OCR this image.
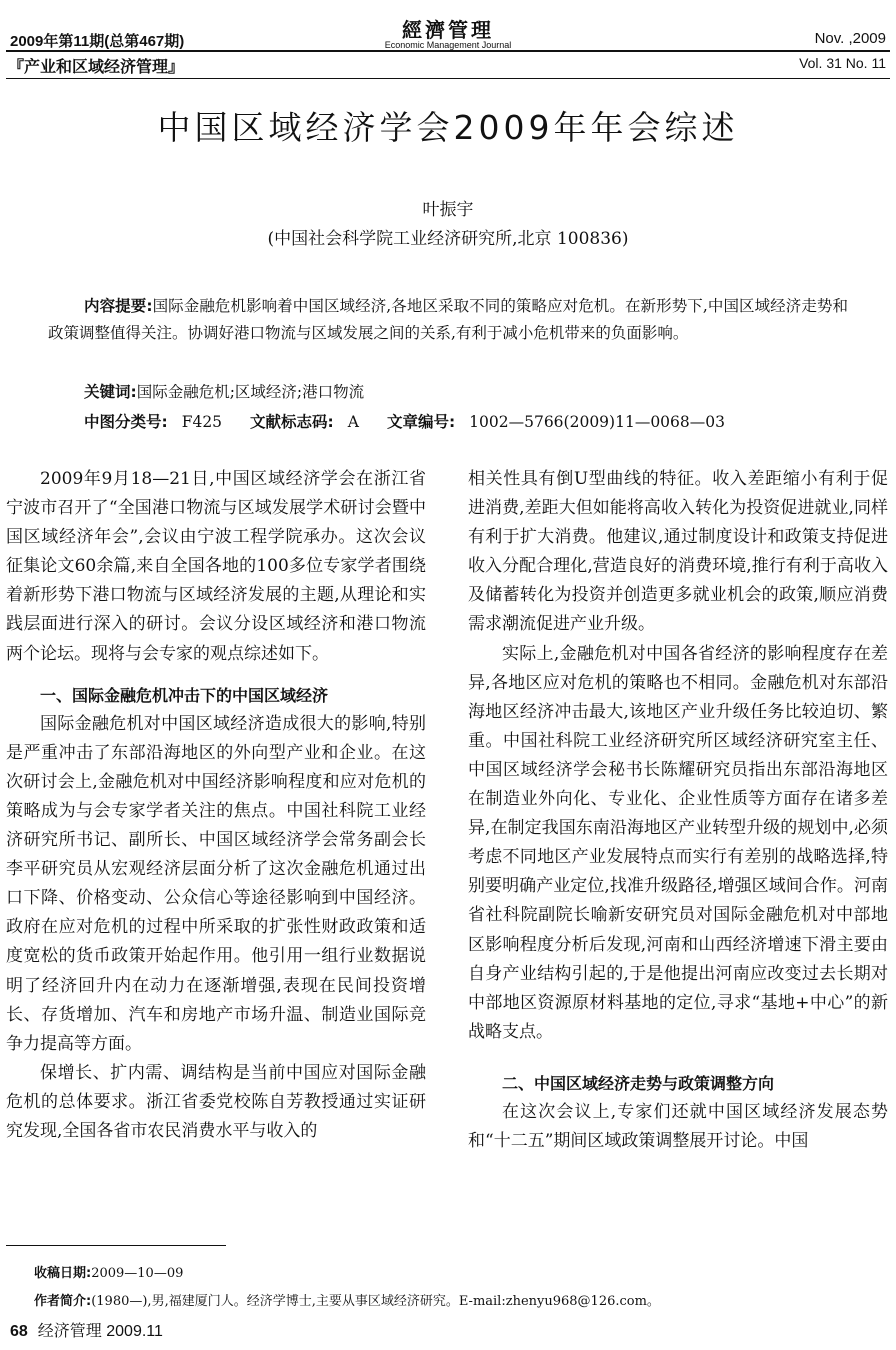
2009年第11期(总第467期)	經濟管理
Economic Management Journal	Nov. ,2009
『产业和区域经济管理』	Vol. 31 No. 11
中国区域经济学会2009年年会综述
叶振宇
(中国社会科学院工业经济研究所,北京 100836)
内容提要:国际金融危机影响着中国区域经济,各地区采取不同的策略应对危机。在新形势下,中国区域经济走势和政策调整值得关注。协调好港口物流与区域发展之间的关系,有利于减小危机带来的负面影响。
关键词:国际金融危机;区域经济;港口物流
中图分类号: F425 文献标志码: A 文章编号: 1002—5766(2009)11—0068—03

2009年9月18—21日,中国区域经济学会在浙江省宁波市召开了“全国港口物流与区域发展学术研讨会暨中国区域经济年会”,会议由宁波工程学院承办。这次会议征集论文60余篇,来自全国各地的100多位专家学者围绕着新形势下港口物流与区域经济发展的主题,从理论和实践层面进行深入的研讨。会议分设区域经济和港口物流两个论坛。现将与会专家的观点综述如下。

一、国际金融危机冲击下的中国区域经济

国际金融危机对中国区域经济造成很大的影响,特别是严重冲击了东部沿海地区的外向型产业和企业。在这次研讨会上,金融危机对中国经济影响程度和应对危机的策略成为与会专家学者关注的焦点。中国社科院工业经济研究所书记、副所长、中国区域经济学会常务副会长李平研究员从宏观经济层面分析了这次金融危机通过出口下降、价格变动、公众信心等途径影响到中国经济。政府在应对危机的过程中所采取的扩张性财政政策和适度宽松的货币政策开始起作用。他引用一组行业数据说明了经济回升内在动力在逐渐增强,表现在民间投资增长、存货增加、汽车和房地产市场升温、制造业国际竞争力提高等方面。

保增长、扩内需、调结构是当前中国应对国际金融危机的总体要求。浙江省委党校陈自芳教授通过实证研究发现,全国各省市农民消费水平与收入的

相关性具有倒U型曲线的特征。收入差距缩小有利于促进消费,差距大但如能将高收入转化为投资促进就业,同样有利于扩大消费。他建议,通过制度设计和政策支持促进收入分配合理化,营造良好的消费环境,推行有利于高收入及储蓄转化为投资并创造更多就业机会的政策,顺应消费需求潮流促进产业升级。

实际上,金融危机对中国各省经济的影响程度存在差异,各地区应对危机的策略也不相同。金融危机对东部沿海地区经济冲击最大,该地区产业升级任务比较迫切、繁重。中国社科院工业经济研究所区域经济研究室主任、中国区域经济学会秘书长陈耀研究员指出东部沿海地区在制造业外向化、专业化、企业性质等方面存在诸多差异,在制定我国东南沿海地区产业转型升级的规划中,必须考虑不同地区产业发展特点而实行有差别的战略选择,特别要明确产业定位,找准升级路径,增强区域间合作。河南省社科院副院长喻新安研究员对国际金融危机对中部地区影响程度分析后发现,河南和山西经济增速下滑主要由自身产业结构引起的,于是他提出河南应改变过去长期对中部地区资源原材料基地的定位,寻求“基地+中心”的新战略支点。

二、中国区域经济走势与政策调整方向

在这次会议上,专家们还就中国区域经济发展态势和“十二五”期间区域政策调整展开讨论。中国

收稿日期:2009—10—09
作者简介:(1980—),男,福建厦门人。经济学博士,主要从事区域经济研究。E-mail:zhenyu968@126.com。
68 经济管理 2009.11
